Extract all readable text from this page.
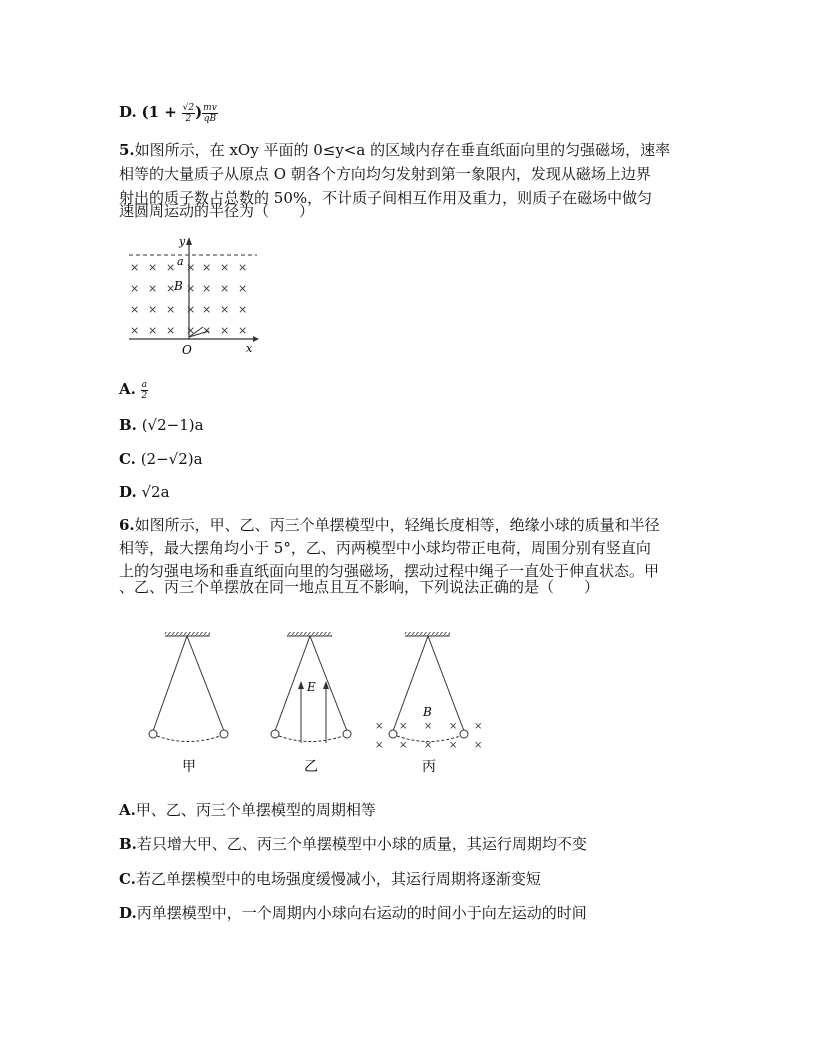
D. ($1 + \frac{√2}{2}$ ) $\frac{mv}{qB}$
5.如图所示，在 xOy 平面的 0≤y<a 的区域内存在垂直纸面向里的匀强磁场，速率
相等的大量质子从原点 O 朝各个方向均匀发射到第一象限内，发现从磁场上边界
射出的质子数占总数的 50%，不计质子间相互作用及重力，则质子在磁场中做匀
速圆周运动的半径为（　　）
× × × × × × ×
× × × × × × ×
× × × × × × ×
× × × × × × ×
y
a
B
O	x
A. $\frac{a}{2}$
B. (√2−1)a
C. (2−√2)a
D. √2a
6.如图所示，甲、乙、丙三个单摆模型中，轻绳长度相等，绝缘小球的质量和半径
相等，最大摆角均小于 5°，乙、丙两模型中小球均带正电荷，周围分别有竖直向
上的匀强电场和垂直纸面向里的匀强磁场，摆动过程中绳子一直处于伸直状态。甲
、乙、丙三个单摆放在同一地点且互不影响，下列说法正确的是（　　）
甲
E
乙
× × × × ×
× × × × ×
B
丙
A.甲、乙、丙三个单摆模型的周期相等
B.若只增大甲、乙、丙三个单摆模型中小球的质量，其运行周期均不变
C.若乙单摆模型中的电场强度缓慢减小，其运行周期将逐渐变短
D.丙单摆模型中，一个周期内小球向右运动的时间小于向左运动的时间
